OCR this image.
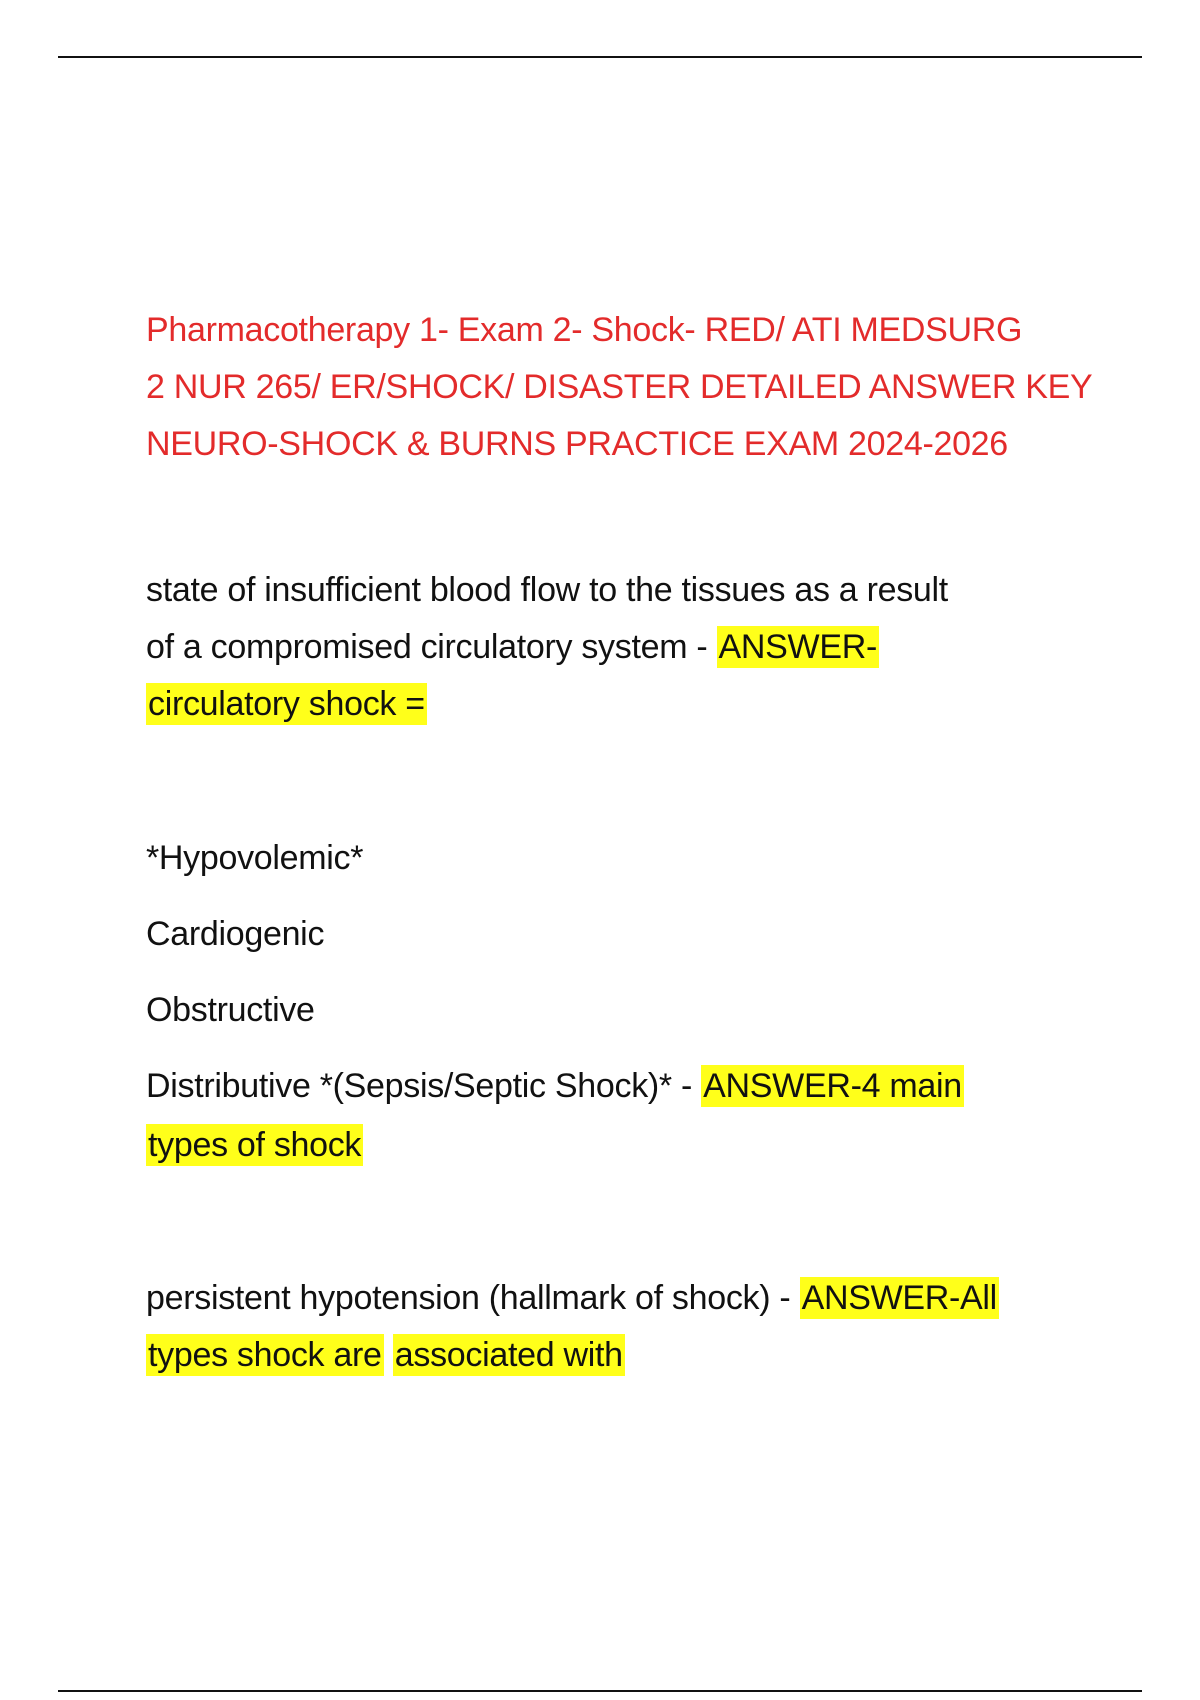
Pharmacotherapy 1- Exam 2- Shock- RED/ ATI MEDSURG
2 NUR 265/ ER/SHOCK/ DISASTER DETAILED ANSWER KEY
NEURO-SHOCK & BURNS PRACTICE EXAM 2024-2026

state of insufficient blood flow to the tissues as a result
of a compromised circulatory system - ANSWER-
circulatory shock =

*Hypovolemic*
Cardiogenic
Obstructive
Distributive *(Sepsis/Septic Shock)* - ANSWER-4 main
types of shock

persistent hypotension (hallmark of shock) - ANSWER-All
types shock are associated with
